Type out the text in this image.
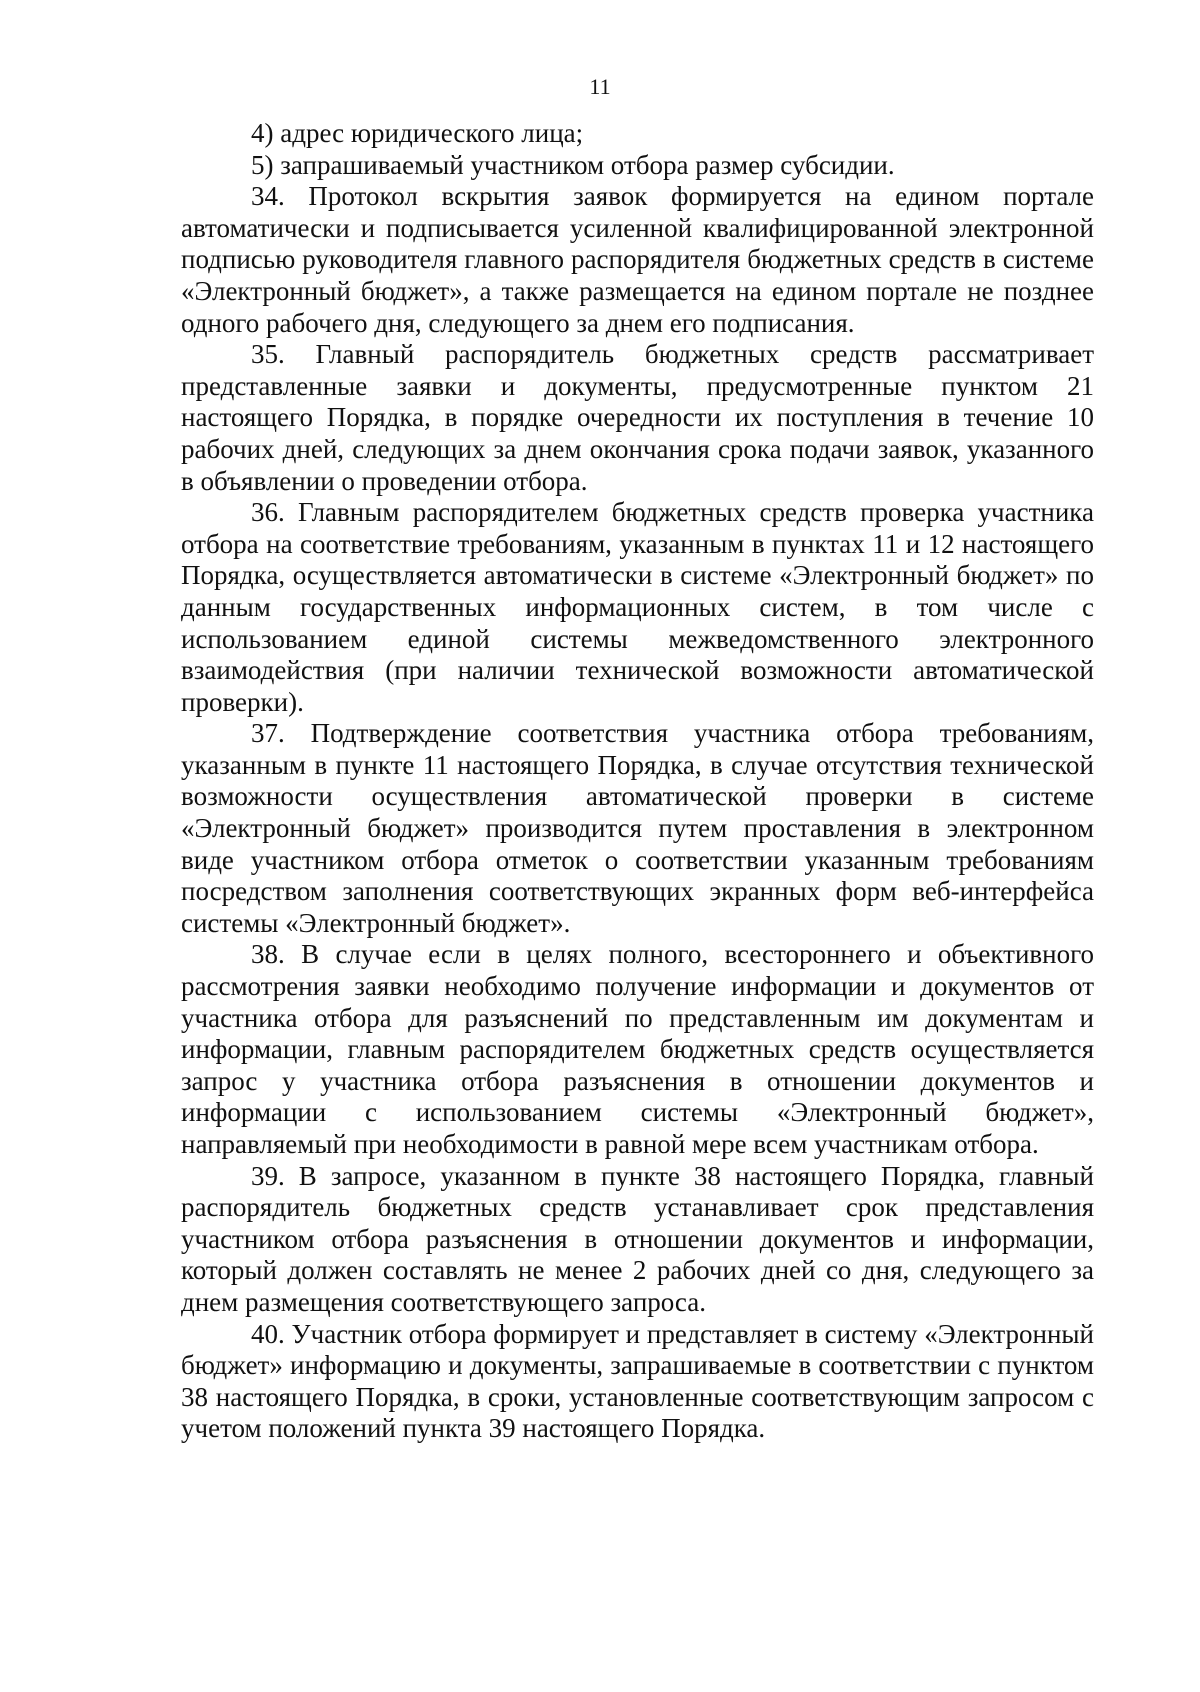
11

4) адрес юридического лица;

5) запрашиваемый участником отбора размер субсидии.

34. Протокол вскрытия заявок формируется на едином портале автоматически и подписывается усиленной квалифицированной электронной подписью руководителя главного распорядителя бюджетных средств в системе «Электронный бюджет», а также размещается на едином портале не позднее одного рабочего дня, следующего за днем его подписания.

35. Главный распорядитель бюджетных средств рассматривает представленные заявки и документы, предусмотренные пунктом 21 настоящего Порядка, в порядке очередности их поступления в течение 10 рабочих дней, следующих за днем окончания срока подачи заявок, указанного в объявлении о проведении отбора.

36. Главным распорядителем бюджетных средств проверка участника отбора на соответствие требованиям, указанным в пунктах 11 и 12 настоящего Порядка, осуществляется автоматически в системе «Электронный бюджет» по данным государственных информационных систем, в том числе с использованием единой системы межведомственного электронного взаимодействия (при наличии технической возможности автоматической проверки).

37. Подтверждение соответствия участника отбора требованиям, указанным в пункте 11 настоящего Порядка, в случае отсутствия технической возможности осуществления автоматической проверки в системе «Электронный бюджет» производится путем проставления в электронном виде участником отбора отметок о соответствии указанным требованиям посредством заполнения соответствующих экранных форм веб-интерфейса системы «Электронный бюджет».

38. В случае если в целях полного, всестороннего и объективного рассмотрения заявки необходимо получение информации и документов от участника отбора для разъяснений по представленным им документам и информации, главным распорядителем бюджетных средств осуществляется запрос у участника отбора разъяснения в отношении документов и информации с использованием системы «Электронный бюджет», направляемый при необходимости в равной мере всем участникам отбора.

39. В запросе, указанном в пункте 38 настоящего Порядка, главный распорядитель бюджетных средств устанавливает срок представления участником отбора разъяснения в отношении документов и информации, который должен составлять не менее 2 рабочих дней со дня, следующего за днем размещения соответствующего запроса.

40. Участник отбора формирует и представляет в систему «Электронный бюджет» информацию и документы, запрашиваемые в соответствии с пунктом 38 настоящего Порядка, в сроки, установленные соответствующим запросом с учетом положений пункта 39 настоящего Порядка.
